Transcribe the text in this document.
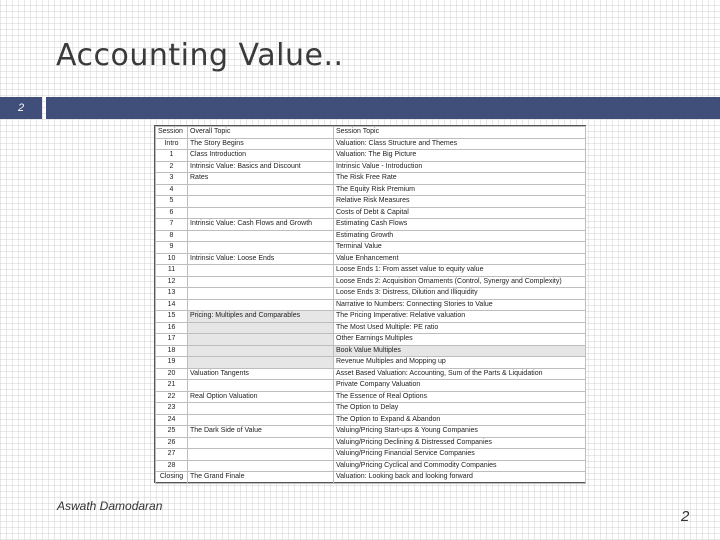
Accounting Value..
2
Session	Overall Topic	Session Topic
Intro	The Story Begins	Valuation: Class Structure and Themes
1	Class Introduction	Valuation: The Big Picture
2	Intrinsic Value: Basics and Discount	Intrinsic Value - Introduction
3	Rates	The Risk Free Rate
4		The Equity Risk Premium
5		Relative Risk Measures
6		Costs of Debt & Capital
7	Intrinsic Value: Cash Flows and Growth	Estimating Cash Flows
8		Estimating Growth
9		Terminal Value
10	Intrinsic Value: Loose Ends	Value Enhancement
11		Loose Ends 1: From asset value to equity value
12		Loose Ends 2: Acquisition Ornaments (Control, Synergy and Complexity)
13		Loose Ends 3: Distress, Dilution and Illiquidity
14		Narrative to Numbers: Connecting Stories to Value
15	Pricing: Multiples and Comparables	The Pricing Imperative: Relative valuation
16		The Most Used Multiple: PE ratio
17		Other Earnings Multiples
18		Book Value Multiples
19		Revenue Multiples and Mopping up
20	Valuation Tangents	Asset Based Valuation: Accounting, Sum of the Parts & Liquidation
21		Private Company Valuation
22	Real Option Valuation	The Essence of Real Options
23		The Option to Delay
24		The Option to Expand & Abandon
25	The Dark Side of Value	Valuing/Pricing Start-ups & Young Companies
26		Valuing/Pricing Declining & Distressed Companies
27		Valuing/Pricing Financial Service Companies
28		Valuing/Pricing Cyclical and Commodity Companies
Closing	The Grand Finale	Valuation: Looking back and looking forward
Aswath Damodaran
2
